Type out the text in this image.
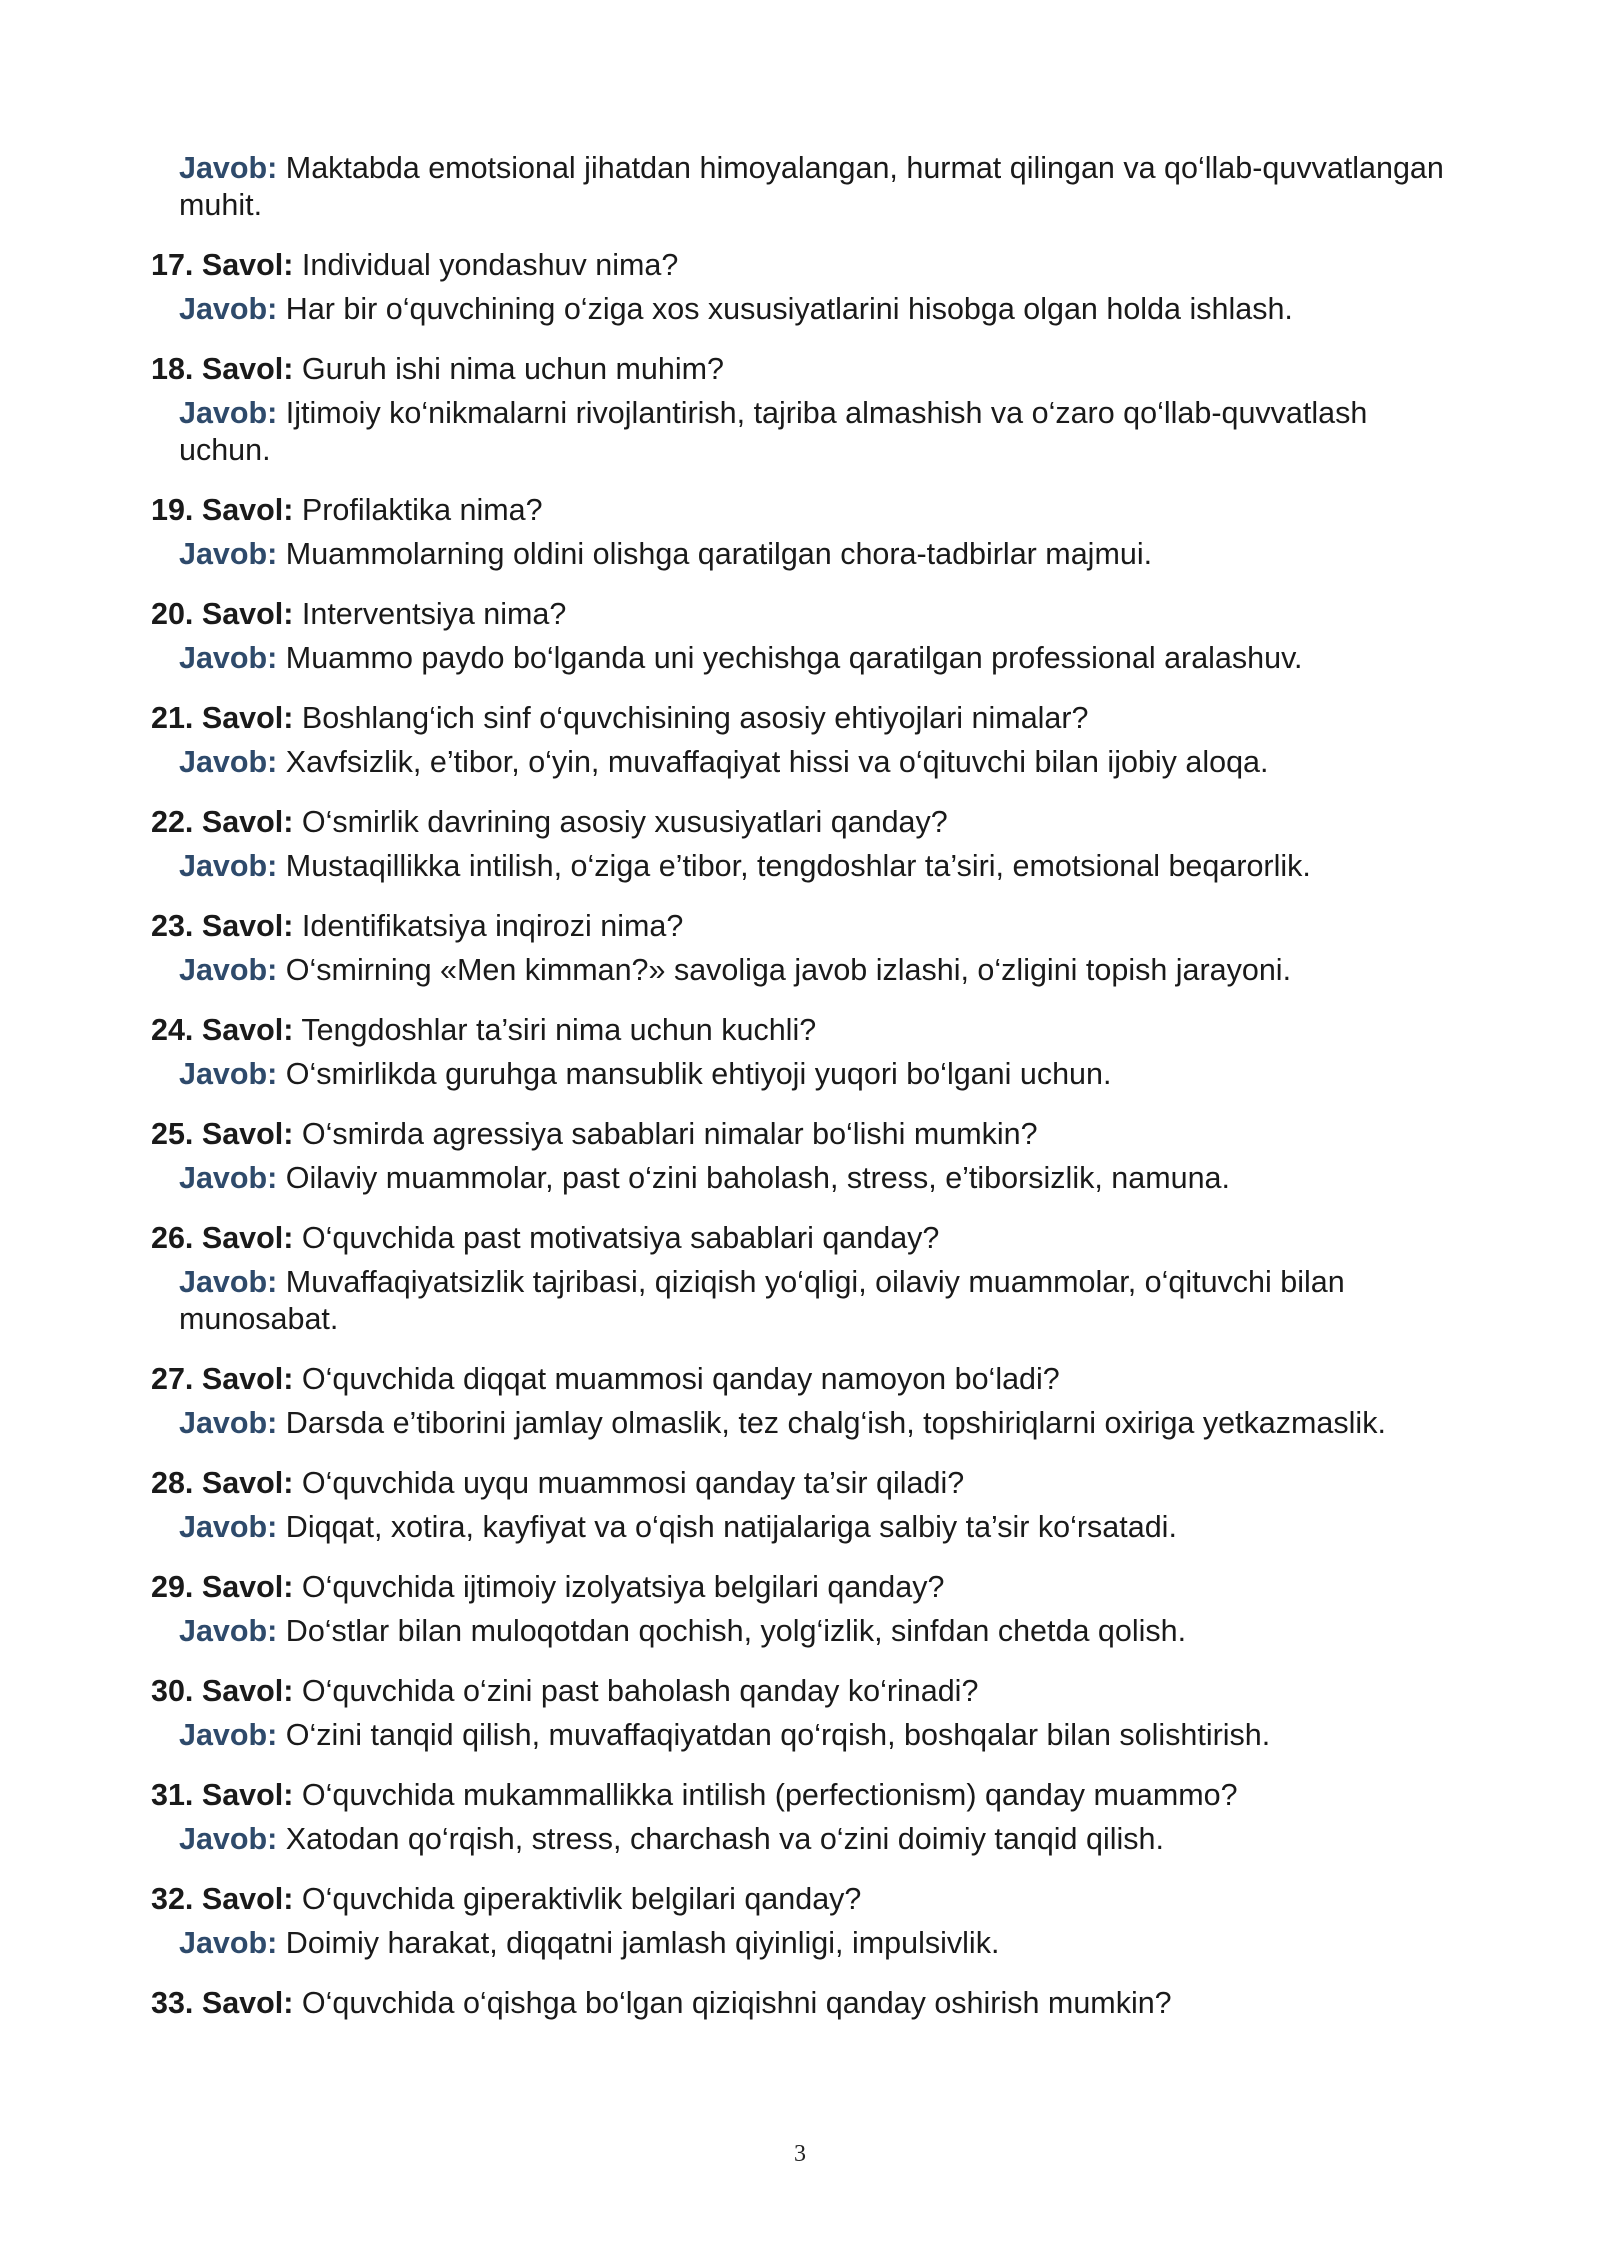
Javob: Maktabda emotsional jihatdan himoyalangan, hurmat qilingan va qo‘llab-quvvatlangan muhit.

17. Savol: Individual yondashuv nima?

Javob: Har bir o‘quvchining o‘ziga xos xususiyatlarini hisobga olgan holda ishlash.

18. Savol: Guruh ishi nima uchun muhim?

Javob: Ijtimoiy ko‘nikmalarni rivojlantirish, tajriba almashish va o‘zaro qo‘llab-quvvatlash uchun.

19. Savol: Profilaktika nima?

Javob: Muammolarning oldini olishga qaratilgan chora-tadbirlar majmui.

20. Savol: Interventsiya nima?

Javob: Muammo paydo bo‘lganda uni yechishga qaratilgan professional aralashuv.

21. Savol: Boshlang‘ich sinf o‘quvchisining asosiy ehtiyojlari nimalar?

Javob: Xavfsizlik, e’tibor, o‘yin, muvaffaqiyat hissi va o‘qituvchi bilan ijobiy aloqa.

22. Savol: O‘smirlik davrining asosiy xususiyatlari qanday?

Javob: Mustaqillikka intilish, o‘ziga e’tibor, tengdoshlar ta’siri, emotsional beqarorlik.

23. Savol: Identifikatsiya inqirozi nima?

Javob: O‘smirning «Men kimman?» savoliga javob izlashi, o‘zligini topish jarayoni.

24. Savol: Tengdoshlar ta’siri nima uchun kuchli?

Javob: O‘smirlikda guruhga mansublik ehtiyoji yuqori bo‘lgani uchun.

25. Savol: O‘smirda agressiya sabablari nimalar bo‘lishi mumkin?

Javob: Oilaviy muammolar, past o‘zini baholash, stress, e’tiborsizlik, namuna.

26. Savol: O‘quvchida past motivatsiya sabablari qanday?

Javob: Muvaffaqiyatsizlik tajribasi, qiziqish yo‘qligi, oilaviy muammolar, o‘qituvchi bilan munosabat.

27. Savol: O‘quvchida diqqat muammosi qanday namoyon bo‘ladi?

Javob: Darsda e’tiborini jamlay olmaslik, tez chalg‘ish, topshiriqlarni oxiriga yetkazmaslik.

28. Savol: O‘quvchida uyqu muammosi qanday ta’sir qiladi?

Javob: Diqqat, xotira, kayfiyat va o‘qish natijalariga salbiy ta’sir ko‘rsatadi.

29. Savol: O‘quvchida ijtimoiy izolyatsiya belgilari qanday?

Javob: Do‘stlar bilan muloqotdan qochish, yolg‘izlik, sinfdan chetda qolish.

30. Savol: O‘quvchida o‘zini past baholash qanday ko‘rinadi?

Javob: O‘zini tanqid qilish, muvaffaqiyatdan qo‘rqish, boshqalar bilan solishtirish.

31. Savol: O‘quvchida mukammallikka intilish (perfectionism) qanday muammo?

Javob: Xatodan qo‘rqish, stress, charchash va o‘zini doimiy tanqid qilish.

32. Savol: O‘quvchida giperaktivlik belgilari qanday?

Javob: Doimiy harakat, diqqatni jamlash qiyinligi, impulsivlik.

33. Savol: O‘quvchida o‘qishga bo‘lgan qiziqishni qanday oshirish mumkin?

3
